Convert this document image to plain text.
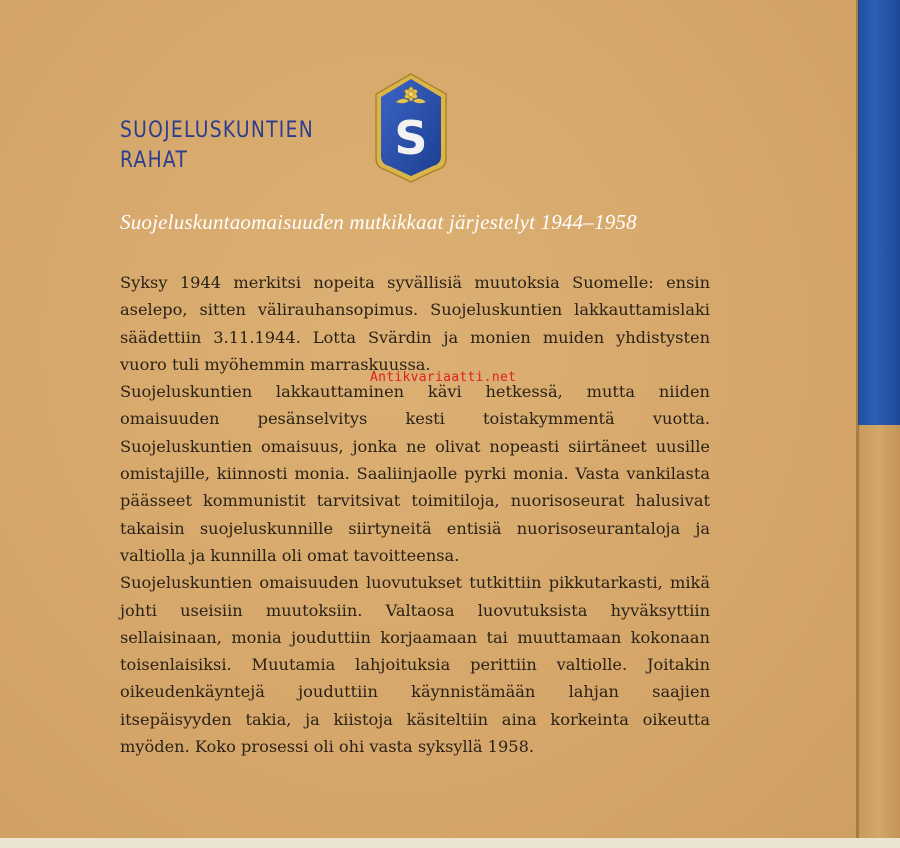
SUOJELUSKUNTIEN
RAHAT	S
Suojeluskuntaomaisuuden mutkikkaat järjestelyt 1944–1958

Syksy 1944 merkitsi nopeita syvällisiä muutoksia Suomelle: ensin aselepo, sitten välirauhansopimus. Suojeluskuntien lakkauttamislaki säädettiin 3.11.1944. Lotta Svärdin ja monien muiden yhdistysten vuoro tuli myöhemmin marraskuussa.

Suojeluskuntien lakkauttaminen kävi hetkessä, mutta niiden omaisuuden pesänselvitys kesti toistakymmentä vuotta. Suojeluskuntien omaisuus, jonka ne olivat nopeasti siirtäneet uusille omistajille, kiinnosti monia. Saaliinjaolle pyrki monia. Vasta vankilasta päässeet kommunistit tarvitsivat toimitiloja, nuorisoseurat halusivat takaisin suojeluskunnille siirtyneitä entisiä nuorisoseurantaloja ja valtiolla ja kunnilla oli omat tavoitteensa.

Suojeluskuntien omaisuuden luovutukset tutkittiin pikkutarkasti, mikä johti useisiin muutoksiin. Valtaosa luovutuksista hyväksyttiin sellaisinaan, monia jouduttiin korjaamaan tai muuttamaan kokonaan toisenlaisiksi. Muutamia lahjoituksia perittiin valtiolle. Joitakin oikeudenkäyntejä jouduttiin käynnistämään lahjan saajien itsepäisyyden takia, ja kiistoja käsiteltiin aina korkeinta oikeutta myöden. Koko prosessi oli ohi vasta syksyllä 1958.

Antikvariaatti.net
